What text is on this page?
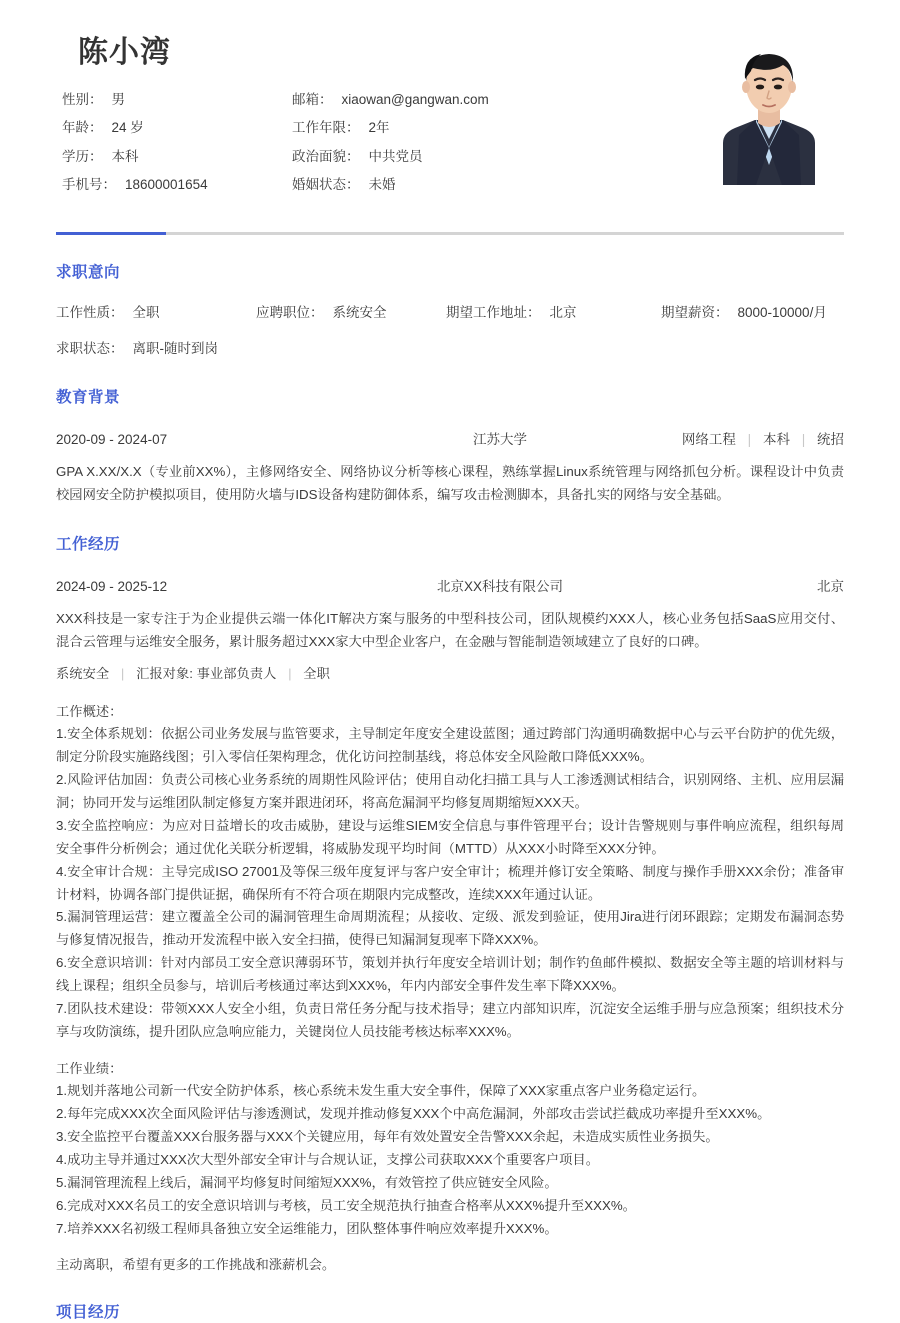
陈小湾
性别： 男	邮箱： xiaowan@gangwan.com
年龄： 24 岁	工作年限： 2年
学历： 本科	政治面貌： 中共党员
手机号： 18600001654	婚姻状态： 未婚
求职意向
工作性质： 全职	应聘职位： 系统安全	期望工作地址： 北京	期望薪资： 8000-10000/月
求职状态： 离职-随时到岗
教育背景
2020-09 - 2024-07	江苏大学	网络工程 | 本科 | 统招

GPA X.XX/X.X（专业前XX%），主修网络安全、网络协议分析等核心课程，熟练掌握Linux系统管理与网络抓包分析。课程设计中负责校园网安全防护模拟项目，使用防火墙与IDS设备构建防御体系，编写攻击检测脚本，具备扎实的网络与安全基础。

工作经历
2024-09 - 2025-12	北京XX科技有限公司	北京

XXX科技是一家专注于为企业提供云端一体化IT解决方案与服务的中型科技公司，团队规模约XXX人，核心业务包括SaaS应用交付、混合云管理与运维安全服务，累计服务超过XXX家大中型企业客户，在金融与智能制造领域建立了良好的口碑。

系统安全 | 汇报对象: 事业部负责人 | 全职

工作概述：

1.安全体系规划：依据公司业务发展与监管要求，主导制定年度安全建设蓝图；通过跨部门沟通明确数据中心与云平台防护的优先级，制定分阶段实施路线图；引入零信任架构理念，优化访问控制基线，将总体安全风险敞口降低XXX%。
2.风险评估加固：负责公司核心业务系统的周期性风险评估；使用自动化扫描工具与人工渗透测试相结合，识别网络、主机、应用层漏洞；协同开发与运维团队制定修复方案并跟进闭环，将高危漏洞平均修复周期缩短XXX天。
3.安全监控响应：为应对日益增长的攻击威胁，建设与运维SIEM安全信息与事件管理平台；设计告警规则与事件响应流程，组织每周安全事件分析例会；通过优化关联分析逻辑，将威胁发现平均时间（MTTD）从XXX小时降至XXX分钟。
4.安全审计合规：主导完成ISO 27001及等保三级年度复评与客户安全审计；梳理并修订安全策略、制度与操作手册XXX余份；准备审计材料，协调各部门提供证据，确保所有不符合项在期限内完成整改，连续XXX年通过认证。
5.漏洞管理运营：建立覆盖全公司的漏洞管理生命周期流程；从接收、定级、派发到验证，使用Jira进行闭环跟踪；定期发布漏洞态势与修复情况报告，推动开发流程中嵌入安全扫描，使得已知漏洞复现率下降XXX%。
6.安全意识培训：针对内部员工安全意识薄弱环节，策划并执行年度安全培训计划；制作钓鱼邮件模拟、数据安全等主题的培训材料与线上课程；组织全员参与，培训后考核通过率达到XXX%，年内内部安全事件发生率下降XXX%。
7.团队技术建设：带领XXX人安全小组，负责日常任务分配与技术指导；建立内部知识库，沉淀安全运维手册与应急预案；组织技术分享与攻防演练，提升团队应急响应能力，关键岗位人员技能考核达标率XXX%。

工作业绩：

1.规划并落地公司新一代安全防护体系，核心系统未发生重大安全事件，保障了XXX家重点客户业务稳定运行。
2.每年完成XXX次全面风险评估与渗透测试，发现并推动修复XXX个中高危漏洞，外部攻击尝试拦截成功率提升至XXX%。
3.安全监控平台覆盖XXX台服务器与XXX个关键应用，每年有效处置安全告警XXX余起，未造成实质性业务损失。
4.成功主导并通过XXX次大型外部安全审计与合规认证，支撑公司获取XXX个重要客户项目。
5.漏洞管理流程上线后，漏洞平均修复时间缩短XXX%，有效管控了供应链安全风险。
6.完成对XXX名员工的安全意识培训与考核，员工安全规范执行抽查合格率从XXX%提升至XXX%。
7.培养XXX名初级工程师具备独立安全运维能力，团队整体事件响应效率提升XXX%。

主动离职，希望有更多的工作挑战和涨薪机会。

项目经历
